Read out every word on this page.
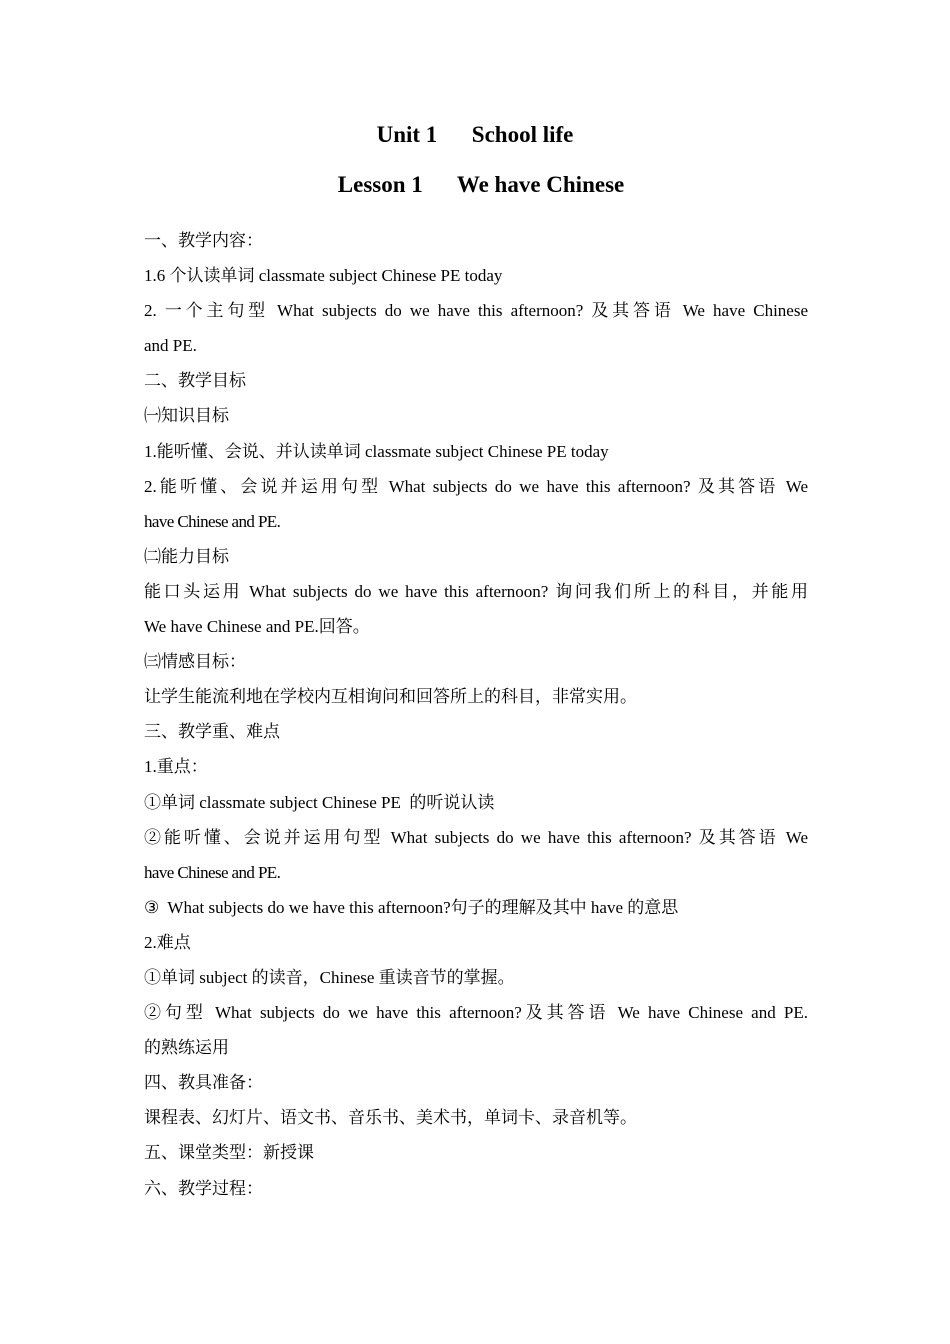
Unit 1      School life
Lesson 1      We have Chinese
一、教学内容：
1.6 个认读单词 classmate subject Chinese PE today
2. 一个主句型 What subjects do we have this afternoon? 及其答语 We have Chinese
and PE.
二、教学目标
㈠知识目标
1.能听懂、会说、并认读单词 classmate subject Chinese PE today
2.能听懂、会说并运用句型 What subjects do we have this afternoon? 及其答语 We
have Chinese and PE.
㈡能力目标
能口头运用 What subjects do we have this afternoon? 询问我们所上的科目，并能用
We have Chinese and PE.回答。
㈢情感目标：
让学生能流利地在学校内互相询问和回答所上的科目，非常实用。
三、教学重、难点
1.重点：
①单词 classmate subject Chinese PE  的听说认读
②能听懂、会说并运用句型 What subjects do we have this afternoon? 及其答语 We
have Chinese and PE.
③  What subjects do we have this afternoon?句子的理解及其中 have 的意思
2.难点
①单词 subject 的读音，Chinese 重读音节的掌握。
②句型 What subjects do we have this afternoon?及其答语 We have Chinese and PE.
的熟练运用
四、教具准备：
课程表、幻灯片、语文书、音乐书、美术书，单词卡、录音机等。
五、课堂类型：新授课
六、教学过程：
